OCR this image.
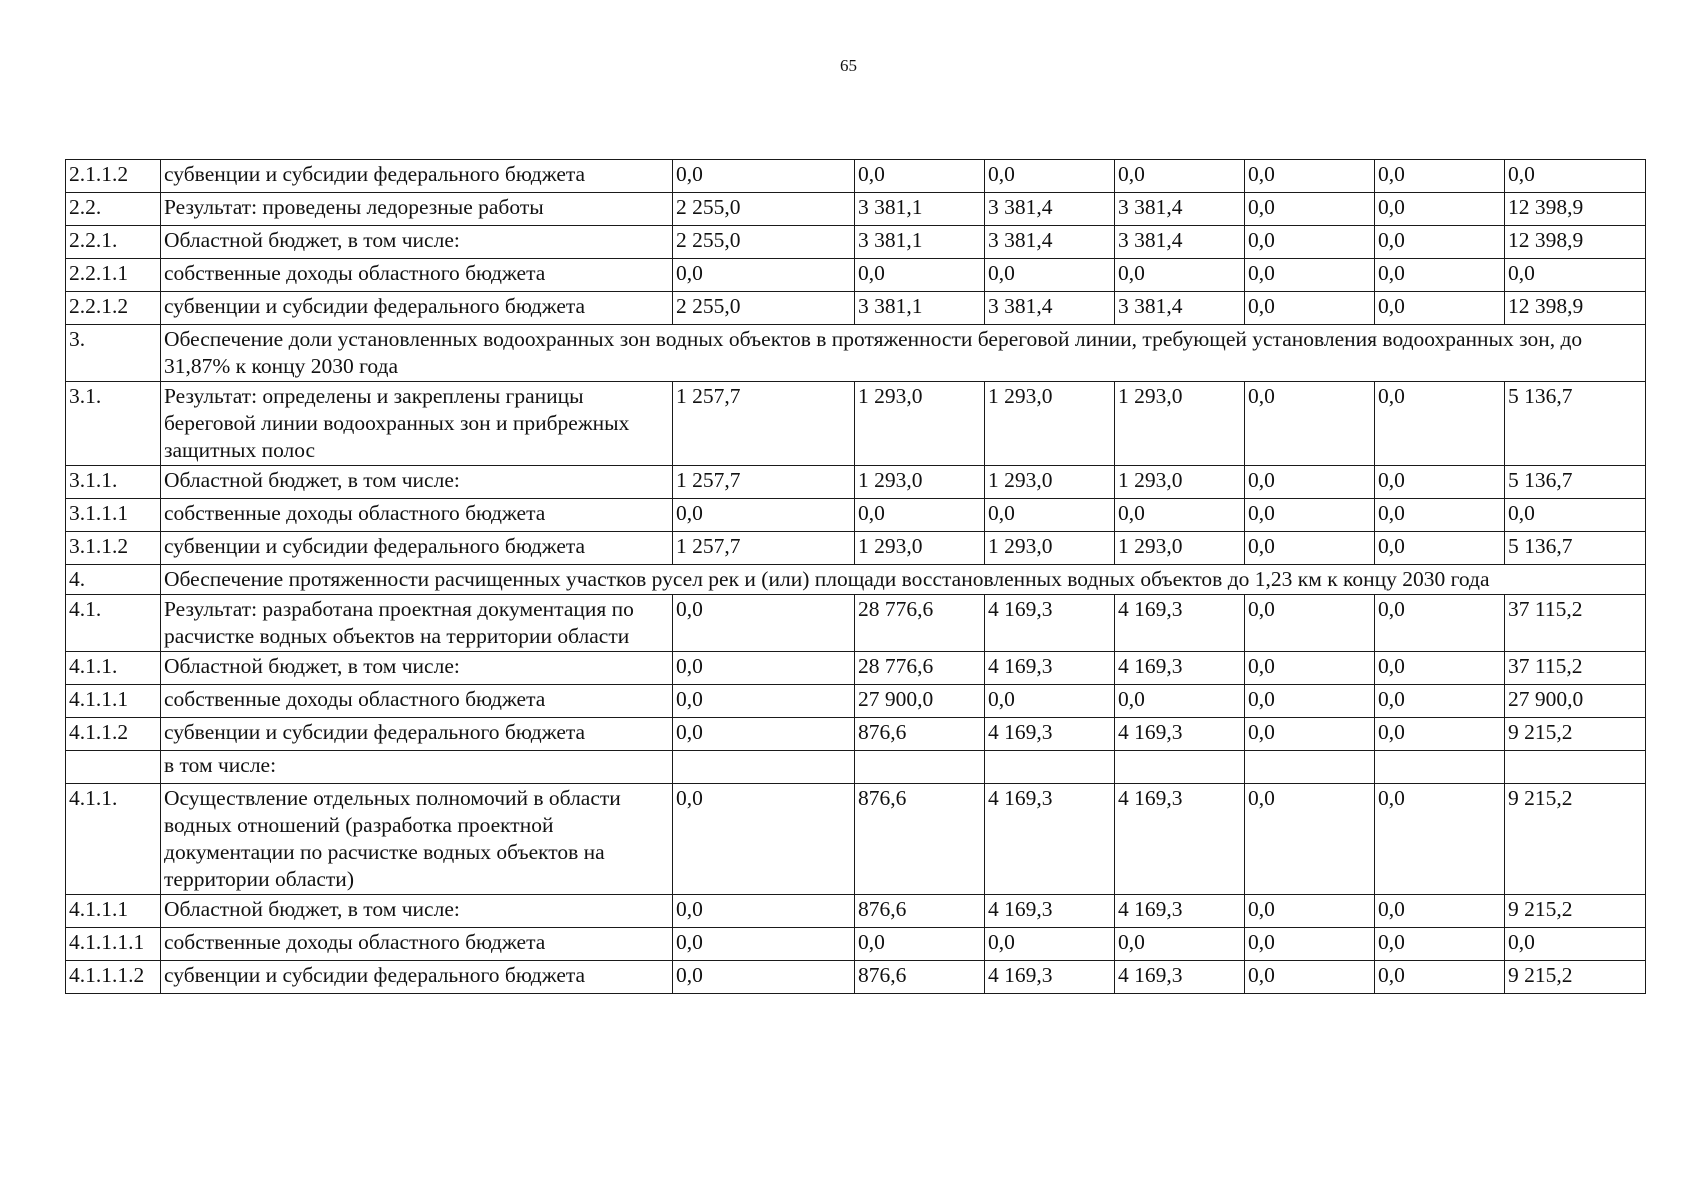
65
2.1.1.2	субвенции и субсидии федерального бюджета	0,0	0,0	0,0	0,0	0,0	0,0	0,0
2.2.	Результат: проведены ледорезные работы	2 255,0	3 381,1	3 381,4	3 381,4	0,0	0,0	12 398,9
2.2.1.	Областной бюджет, в том числе:	2 255,0	3 381,1	3 381,4	3 381,4	0,0	0,0	12 398,9
2.2.1.1	собственные доходы областного бюджета	0,0	0,0	0,0	0,0	0,0	0,0	0,0
2.2.1.2	субвенции и субсидии федерального бюджета	2 255,0	3 381,1	3 381,4	3 381,4	0,0	0,0	12 398,9
3.	Обеспечение доли установленных водоохранных зон водных объектов в протяженности береговой линии, требующей установления водоохранных зон, до 31,87% к концу 2030 года							
3.1.	Результат: определены и закреплены границы береговой линии водоохранных зон и прибрежных защитных полос	1 257,7	1 293,0	1 293,0	1 293,0	0,0	0,0	5 136,7
3.1.1.	Областной бюджет, в том числе:	1 257,7	1 293,0	1 293,0	1 293,0	0,0	0,0	5 136,7
3.1.1.1	собственные доходы областного бюджета	0,0	0,0	0,0	0,0	0,0	0,0	0,0
3.1.1.2	субвенции и субсидии федерального бюджета	1 257,7	1 293,0	1 293,0	1 293,0	0,0	0,0	5 136,7
4.	Обеспечение протяженности расчищенных участков русел рек и (или) площади восстановленных водных объектов до 1,23 км к концу 2030 года							
4.1.	Результат: разработана проектная документация по расчистке водных объектов на территории области	0,0	28 776,6	4 169,3	4 169,3	0,0	0,0	37 115,2
4.1.1.	Областной бюджет, в том числе:	0,0	28 776,6	4 169,3	4 169,3	0,0	0,0	37 115,2
4.1.1.1	собственные доходы областного бюджета	0,0	27 900,0	0,0	0,0	0,0	0,0	27 900,0
4.1.1.2	субвенции и субсидии федерального бюджета	0,0	876,6	4 169,3	4 169,3	0,0	0,0	9 215,2
	в том числе:							
4.1.1.	Осуществление отдельных полномочий в области водных отношений (разработка проектной документации по расчистке водных объектов на территории области)	0,0	876,6	4 169,3	4 169,3	0,0	0,0	9 215,2
4.1.1.1	Областной бюджет, в том числе:	0,0	876,6	4 169,3	4 169,3	0,0	0,0	9 215,2
4.1.1.1.1	собственные доходы областного бюджета	0,0	0,0	0,0	0,0	0,0	0,0	0,0
4.1.1.1.2	субвенции и субсидии федерального бюджета	0,0	876,6	4 169,3	4 169,3	0,0	0,0	9 215,2
